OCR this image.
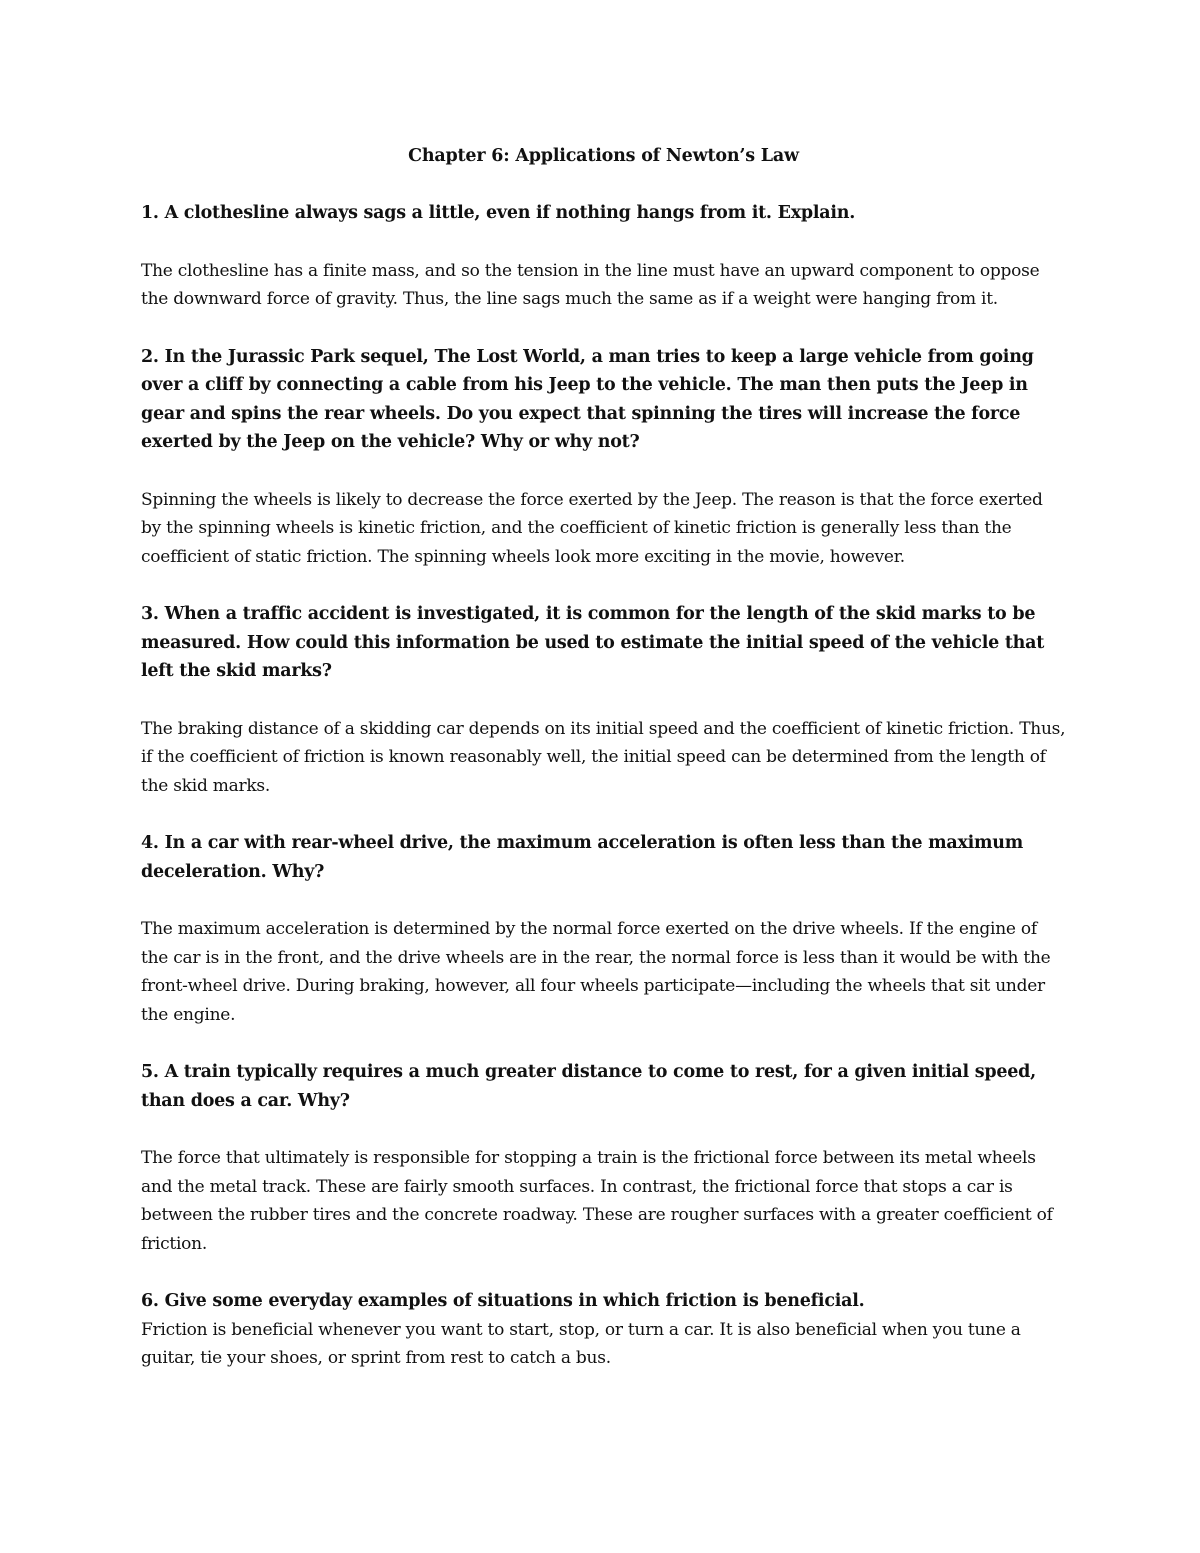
Chapter 6: Applications of Newton’s Law

1. A clothesline always sags a little, even if nothing hangs from it. Explain.

The clothesline has a finite mass, and so the tension in the line must have an upward component to oppose the downward force of gravity. Thus, the line sags much the same as if a weight were hanging from it.

2. In the Jurassic Park sequel, The Lost World, a man tries to keep a large vehicle from going over a cliff by connecting a cable from his Jeep to the vehicle. The man then puts the Jeep in gear and spins the rear wheels. Do you expect that spinning the tires will increase the force exerted by the Jeep on the vehicle? Why or why not?

Spinning the wheels is likely to decrease the force exerted by the Jeep. The reason is that the force exerted by the spinning wheels is kinetic friction, and the coefficient of kinetic friction is generally less than the coefficient of static friction. The spinning wheels look more exciting in the movie, however.

3. When a traffic accident is investigated, it is common for the length of the skid marks to be measured. How could this information be used to estimate the initial speed of the vehicle that left the skid marks?

The braking distance of a skidding car depends on its initial speed and the coefficient of kinetic friction. Thus, if the coefficient of friction is known reasonably well, the initial speed can be determined from the length of the skid marks.

4. In a car with rear-wheel drive, the maximum acceleration is often less than the maximum deceleration. Why?

The maximum acceleration is determined by the normal force exerted on the drive wheels. If the engine of the car is in the front, and the drive wheels are in the rear, the normal force is less than it would be with the front-wheel drive. During braking, however, all four wheels participate—including the wheels that sit under the engine.

5. A train typically requires a much greater distance to come to rest, for a given initial speed, than does a car. Why?

The force that ultimately is responsible for stopping a train is the frictional force between its metal wheels and the metal track. These are fairly smooth surfaces. In contrast, the frictional force that stops a car is between the rubber tires and the concrete roadway. These are rougher surfaces with a greater coefficient of friction.

6. Give some everyday examples of situations in which friction is beneficial.

Friction is beneficial whenever you want to start, stop, or turn a car. It is also beneficial when you tune a guitar, tie your shoes, or sprint from rest to catch a bus.
